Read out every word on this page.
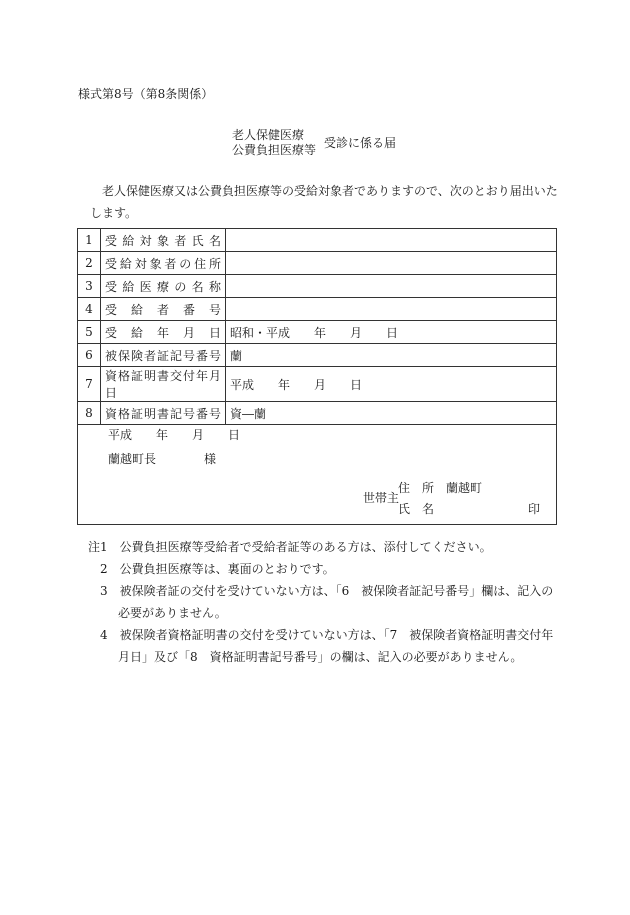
様式第8号（第8条関係）
老人保健医療
公費負担医療等 受診に係る届
老人保健医療又は公費負担医療等の受給対象者でありますので、次のとおり届出いたします。
1	受給対象者氏名	
2	受給対象者の住所	
3	受給医療の名称	
4	受給者番号	
5	受給年月日	昭和・平成　　年　　月　　日
6	被保険者証記号番号	蘭
7	資格証明書交付年月日	平成　　年　　月　　日
8	資格証明書記号番号	資―蘭
平成　　年　　月　　日
蘭越町長　　　　様
住　所　蘭越町
世帯主
氏　名	印

注1　公費負担医療等受給者で受給者証等のある方は、添付してください。

2　公費負担医療等は、裏面のとおりです。

3　被保険者証の交付を受けていない方は、「6　被保険者証記号番号」欄は、記入の必要がありません。

4　被保険者資格証明書の交付を受けていない方は、「7　被保険者資格証明書交付年月日」及び「8　資格証明書記号番号」の欄は、記入の必要がありません。
